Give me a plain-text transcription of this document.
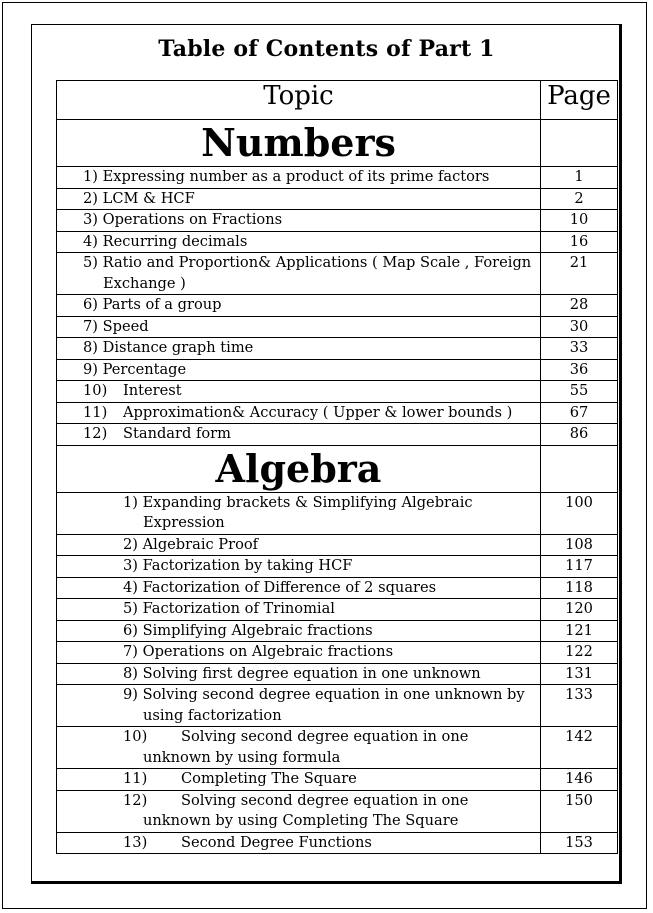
Table of Contents of Part 1
Topic	Page
Numbers	
1) Expressing number as a product of its prime factors	1
2) LCM & HCF	2
3) Operations on Fractions	10
4) Recurring decimals	16
5) Ratio and Proportion& Applications ( Map Scale , Foreign
Exchange )	21
6) Parts of a group	28
7) Speed	30
8) Distance graph time	33
9) Percentage	36
10) Interest	55
11) Approximation& Accuracy ( Upper & lower bounds )	67
12) Standard form	86
Algebra	
1) Expanding brackets & Simplifying Algebraic
Expression	100
2) Algebraic Proof	108
3) Factorization by taking HCF	117
4) Factorization of Difference of 2 squares	118
5) Factorization of Trinomial	120
6) Simplifying Algebraic fractions	121
7) Operations on Algebraic fractions	122
8) Solving first degree equation in one unknown	131
9) Solving second degree equation in one unknown by
using factorization	133
10) Solving second degree equation in one
unknown by using formula	142
11) Completing The Square	146
12) Solving second degree equation in one
unknown by using Completing The Square	150
13) Second Degree Functions	153
